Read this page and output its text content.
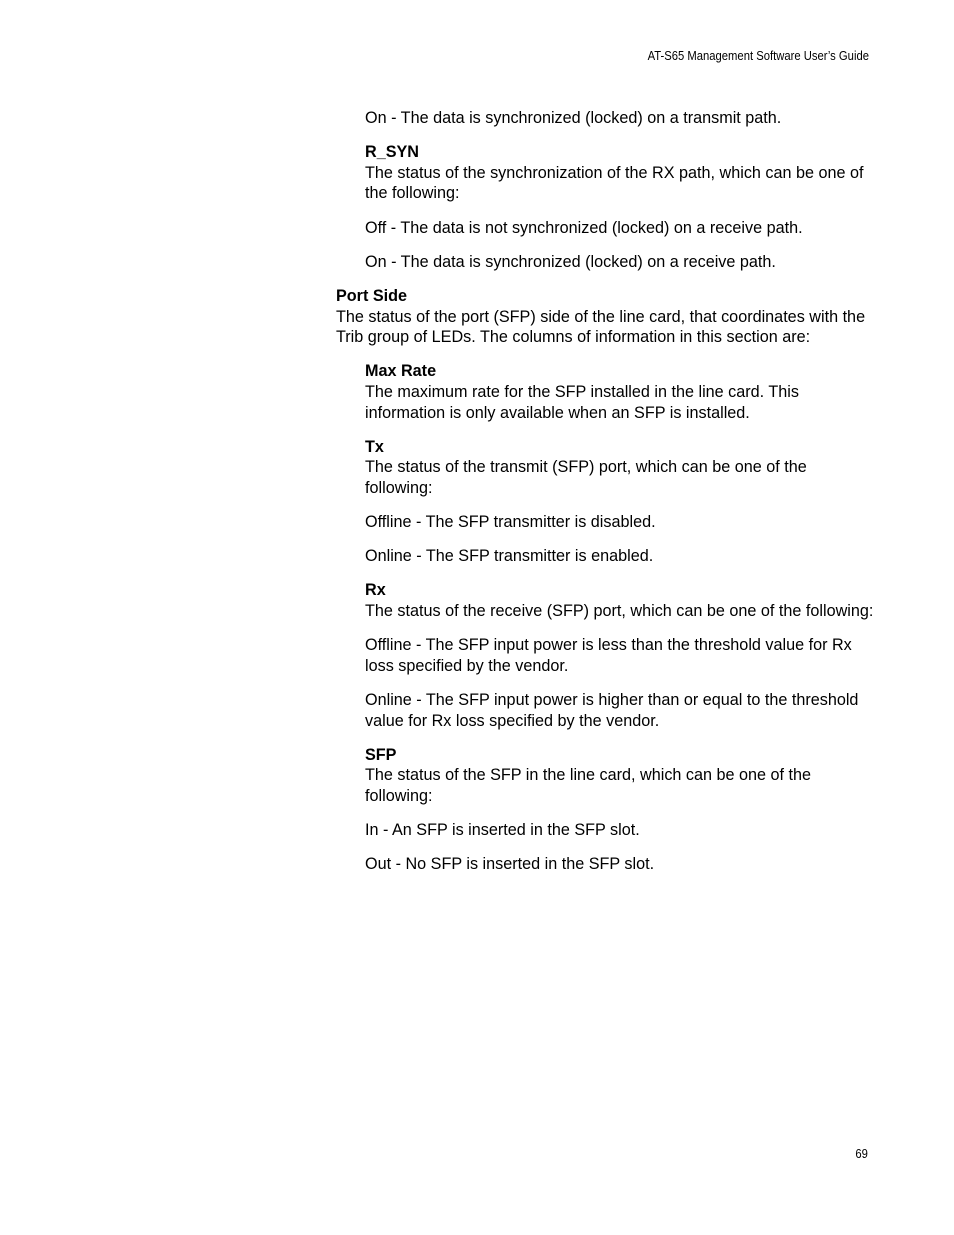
AT-S65 Management Software User’s Guide

On - The data is synchronized (locked) on a transmit path.

R_SYN
The status of the synchronization of the RX path, which can be one of the following:

Off - The data is not synchronized (locked) on a receive path.

On - The data is synchronized (locked) on a receive path.

Port Side
The status of the port (SFP) side of the line card, that coordinates with the Trib group of LEDs. The columns of information in this section are:

Max Rate
The maximum rate for the SFP installed in the line card. This information is only available when an SFP is installed.

Tx
The status of the transmit (SFP) port, which can be one of the following:

Offline - The SFP transmitter is disabled.

Online - The SFP transmitter is enabled.

Rx
The status of the receive (SFP) port, which can be one of the following:

Offline - The SFP input power is less than the threshold value for Rx loss specified by the vendor.

Online - The SFP input power is higher than or equal to the threshold value for Rx loss specified by the vendor.

SFP
The status of the SFP in the line card, which can be one of the following:

In - An SFP is inserted in the SFP slot.

Out - No SFP is inserted in the SFP slot.

69
